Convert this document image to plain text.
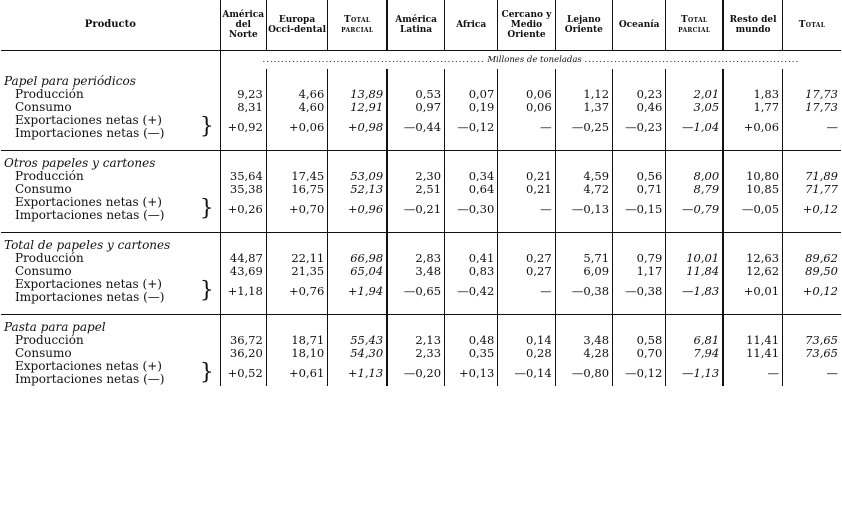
Producto	América del Norte	Europa Occi-dental	Total parcial	América Latina	Africa	Cercano y Medio Oriente	Lejano Oriente	Oceanía	Total parcial	Resto del mundo	Total
	............................................................ Millones de toneladas ..........................................................										
Papel para periódicos											
Producción	9,23	4,66	13,89	0,53	0,07	0,06	1,12	0,23	2,01	1,83	17,73
Consumo	8,31	4,60	12,91	0,97	0,19	0,06	1,37	0,46	3,05	1,77	17,73

Exportaciones netas (+)
Importaciones netas (—) }	+0,92	+0,06	+0,98	—0,44	—0,12	—	—0,25	—0,23	—1,04	+0,06	—

Otros papeles y cartones											
Producción	35,64	17,45	53,09	2,30	0,34	0,21	4,59	0,56	8,00	10,80	71,89
Consumo	35,38	16,75	52,13	2,51	0,64	0,21	4,72	0,71	8,79	10,85	71,77

Exportaciones netas (+)
Importaciones netas (—) }	+0,26	+0,70	+0,96	—0,21	—0,30	—	—0,13	—0,15	—0,79	—0,05	+0,12

Total de papeles y cartones											
Producción	44,87	22,11	66,98	2,83	0,41	0,27	5,71	0,79	10,01	12,63	89,62
Consumo	43,69	21,35	65,04	3,48	0,83	0,27	6,09	1,17	11,84	12,62	89,50

Exportaciones netas (+)
Importaciones netas (—) }	+1,18	+0,76	+1,94	—0,65	—0,42	—	—0,38	—0,38	—1,83	+0,01	+0,12

Pasta para papel											
Producción	36,72	18,71	55,43	2,13	0,48	0,14	3,48	0,58	6,81	11,41	73,65
Consumo	36,20	18,10	54,30	2,33	0,35	0,28	4,28	0,70	7,94	11,41	73,65

Exportaciones netas (+)
Importaciones netas (—) }	+0,52	+0,61	+1,13	—0,20	+0,13	—0,14	—0,80	—0,12	—1,13	—	—
